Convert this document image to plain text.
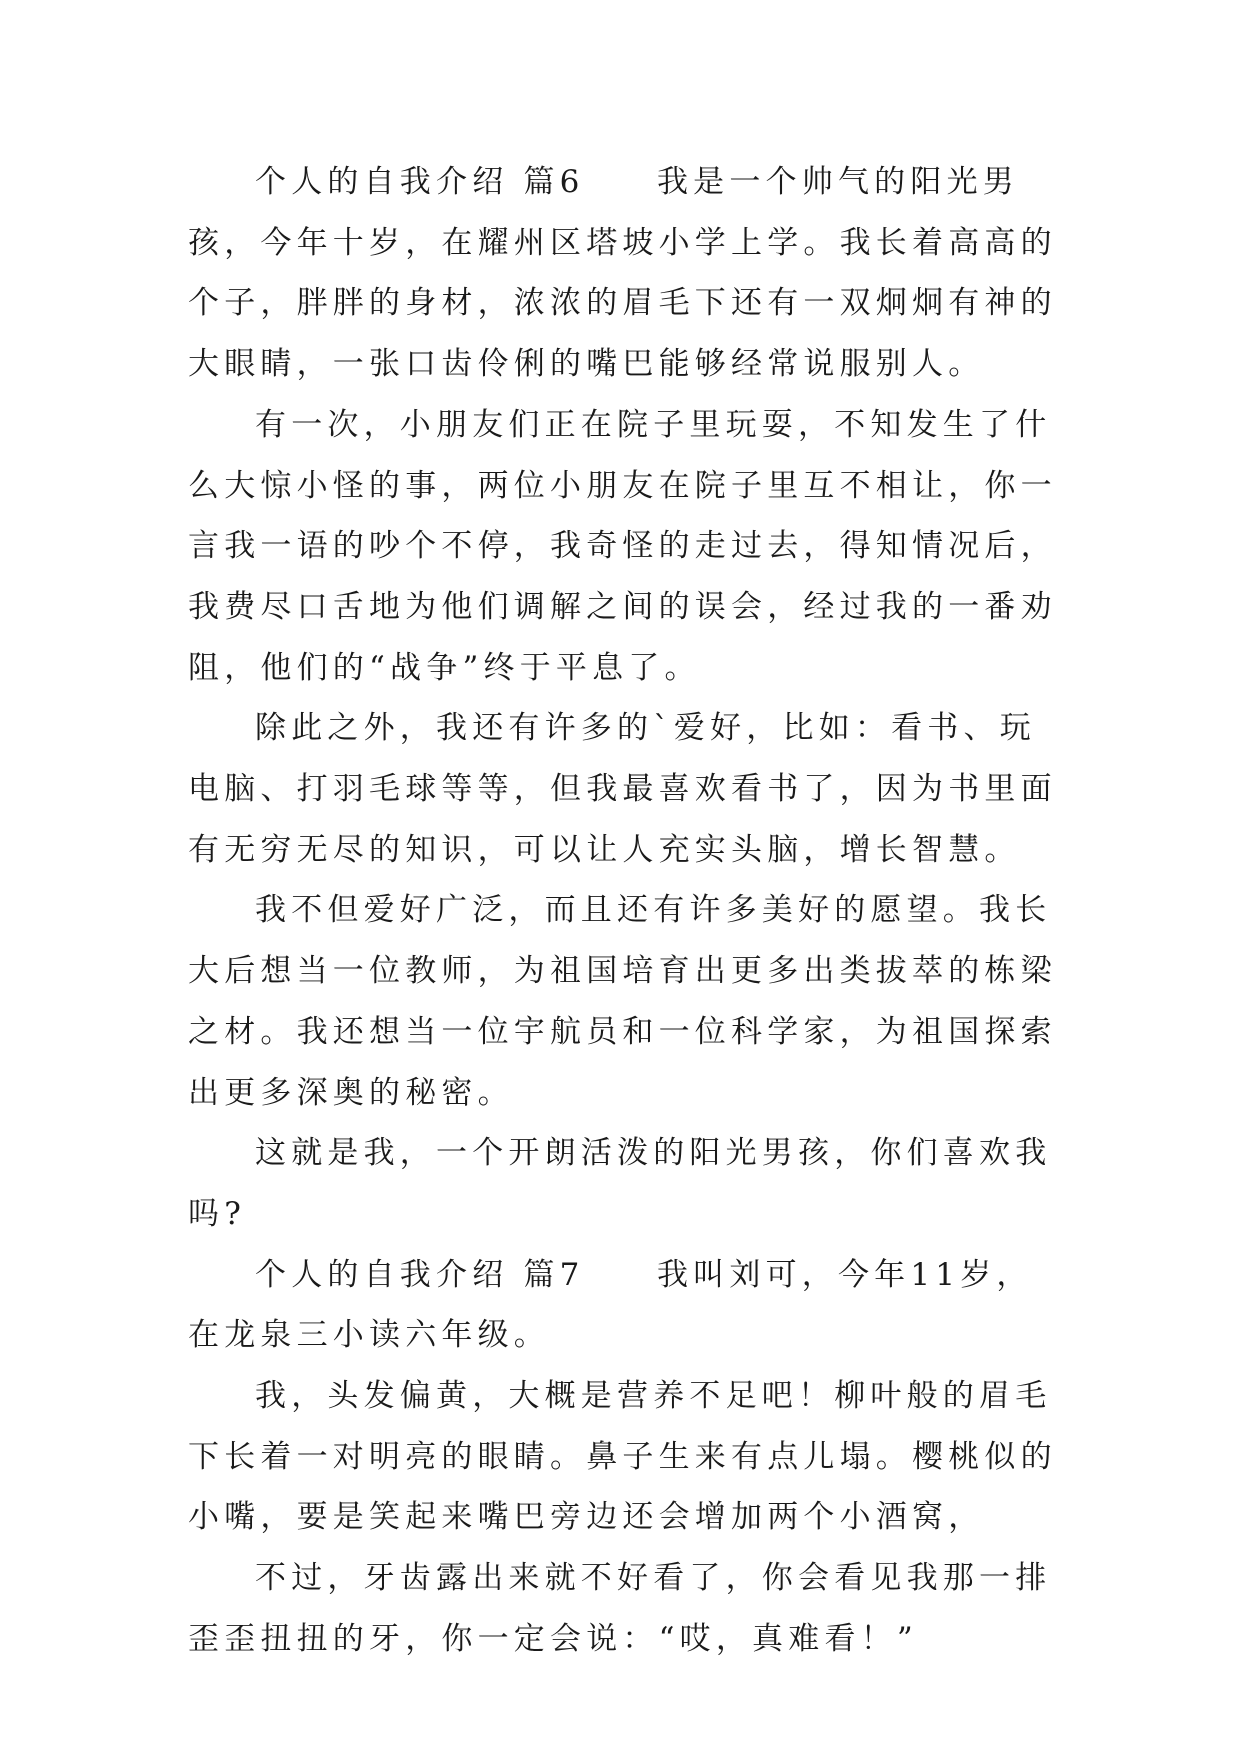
个人的自我介绍 篇6　　我是一个帅气的阳光男孩，今年十岁，在耀州区塔坡小学上学。我长着高高的个子，胖胖的身材，浓浓的眉毛下还有一双炯炯有神的大眼睛，一张口齿伶俐的嘴巴能够经常说服别人。

有一次，小朋友们正在院子里玩耍，不知发生了什么大惊小怪的事，两位小朋友在院子里互不相让，你一言我一语的吵个不停，我奇怪的走过去，得知情况后，我费尽口舌地为他们调解之间的误会，经过我的一番劝阻，他们的“战争”终于平息了。

除此之外，我还有许多的`爱好，比如：看书、玩电脑、打羽毛球等等，但我最喜欢看书了，因为书里面有无穷无尽的知识，可以让人充实头脑，增长智慧。

我不但爱好广泛，而且还有许多美好的愿望。我长大后想当一位教师，为祖国培育出更多出类拔萃的栋梁之材。我还想当一位宇航员和一位科学家，为祖国探索出更多深奥的秘密。

这就是我，一个开朗活泼的阳光男孩，你们喜欢我吗?

个人的自我介绍 篇7　　我叫刘可，今年11岁，在龙泉三小读六年级。

我，头发偏黄，大概是营养不足吧！柳叶般的眉毛下长着一对明亮的眼睛。鼻子生来有点儿塌。樱桃似的小嘴，要是笑起来嘴巴旁边还会增加两个小酒窝，

不过，牙齿露出来就不好看了，你会看见我那一排歪歪扭扭的牙，你一定会说：“哎，真难看！”
